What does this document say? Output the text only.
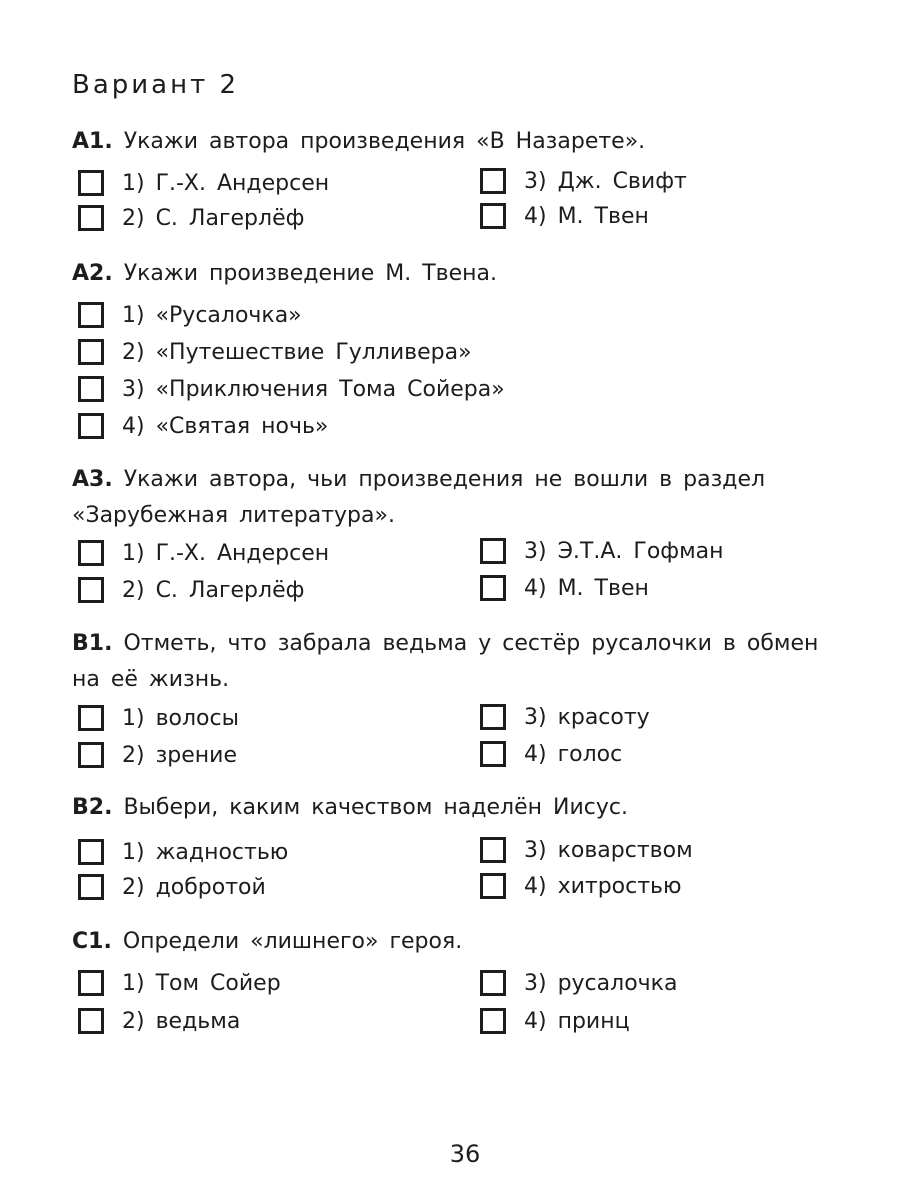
Вариант 2
A1. Укажи автора произведения «В Назарете».
1) Г.-Х. Андерсен
2) С. Лагерлёф
3) Дж. Свифт
4) М. Твен
A2. Укажи произведение М. Твена.
1) «Русалочка»
2) «Путешествие Гулливера»
3) «Приключения Тома Сойера»
4) «Святая ночь»
A3. Укажи автора, чьи произведения не вошли в раздел «Зарубежная литература».
1) Г.-Х. Андерсен
2) С. Лагерлёф
3) Э.Т.А. Гофман
4) М. Твен
B1. Отметь, что забрала ведьма у сестёр русалочки в обмен на её жизнь.
1) волосы
2) зрение
3) красоту
4) голос
B2. Выбери, каким качеством наделён Иисус.
1) жадностью
2) добротой
3) коварством
4) хитростью
C1. Определи «лишнего» героя.
1) Том Сойер
2) ведьма
3) русалочка
4) принц
36
